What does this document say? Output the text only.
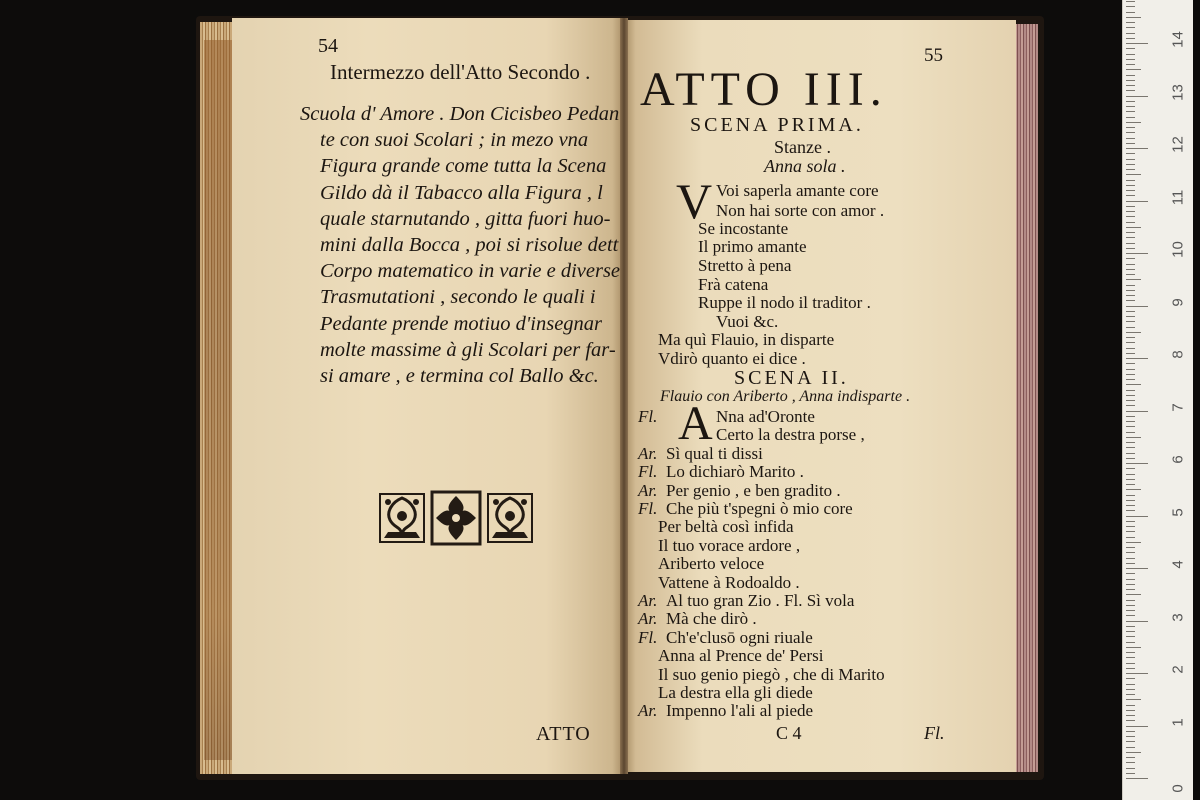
54
Intermezzo dell'Atto Secondo .
Scuola d' Amore . Don Cicisbeo Pedan
te con suoi Scolari ; in mezo vna
Figura grande come tutta la Scena
Gildo dà il Tabacco alla Figura , l
quale starnutando , gitta fuori huo-
mini dalla Bocca , poi si risolue dett
Corpo matematico in varie e diverse
Trasmutationi , secondo le quali i
Pedante prende motiuo d'insegnar
molte massime à gli Scolari per far-
si amare , e termina col Ballo &c.
ATTO
55
ATTO III.
SCENA PRIMA.
Stanze .
Anna sola .
V Voi saperla amante core
Non hai sorte con amor .
Se incostante
Il primo amante
Stretto à pena
Frà catena
Ruppe il nodo il traditor .
Vuoi &c.
Ma quì Flauio, in disparte
Vdirò quanto ei dice .
SCENA II.
Flauio con Ariberto , Anna indisparte .
A
Fl.	Nna ad'Oronte
Certo la destra porse ,
Ar. Sì qual ti dissi
Fl. Lo dichiarò Marito .
Ar. Per genio , e ben gradito .
Fl. Che più t'spegni ò mio core
Per beltà così infida
Il tuo vorace ardore ,
Ariberto veloce
Vattene à Rodoaldo .
Ar. Al tuo gran Zio . Fl. Sì vola
Ar. Mà che dirò .
Fl. Ch'e'clusō ogni riuale
Anna al Prence de' Persi
Il suo genio piegò , che di Marito
La destra ella gli diede
Ar. Impenno l'ali al piede
C 4	Fl.
0
1
2
3
4
5
6
7
8
9
10
11
12
13
14
